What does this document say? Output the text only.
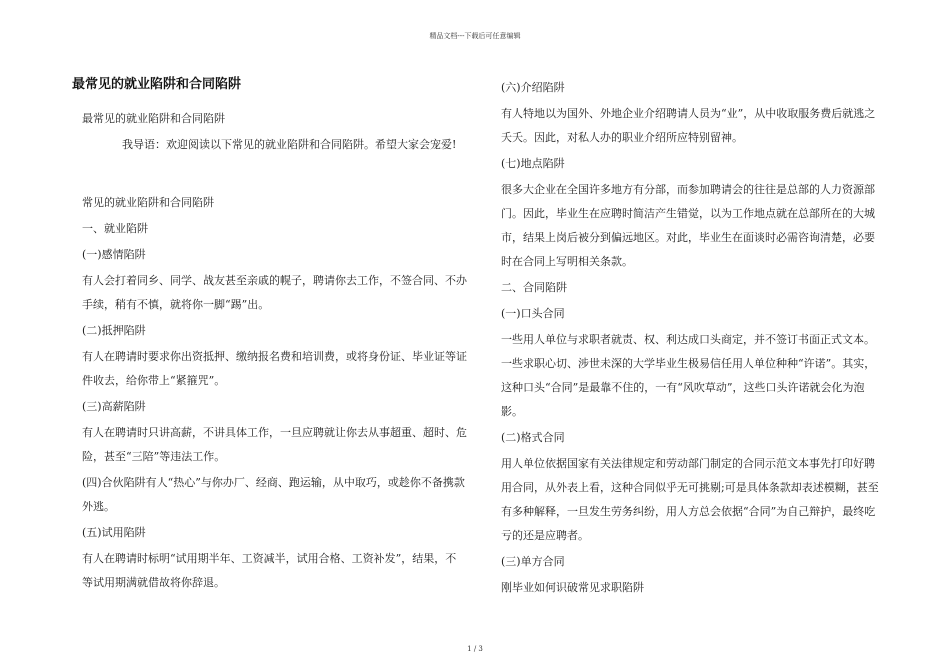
精品文档---下载后可任意编辑
最常见的就业陷阱和合同陷阱

最常见的就业陷阱和合同陷阱

我导语：欢迎阅读以下常见的就业陷阱和合同陷阱。希望大家会宠爱!

常见的就业陷阱和合同陷阱

一、就业陷阱

(一)感情陷阱

有人会打着同乡、同学、战友甚至亲戚的幌子，聘请你去工作，不签合同、不办手续，稍有不慎，就将你一脚“踢”出。

(二)抵押陷阱

有人在聘请时要求你出资抵押、缴纳报名费和培训费，或将身份证、毕业证等证件收去，给你带上“紧箍咒”。

(三)高薪陷阱

有人在聘请时只讲高薪，不讲具体工作，一旦应聘就让你去从事超重、超时、危险，甚至“三陪”等违法工作。

(四)合伙陷阱有人“热心”与你办厂、经商、跑运输，从中取巧，或趁你不备携款外逃。

(五)试用陷阱

有人在聘请时标明“试用期半年、工资减半，试用合格、工资补发”，结果，不等试用期满就借故将你辞退。

(六)介绍陷阱

有人特地以为国外、外地企业介绍聘请人员为“业”，从中收取服务费后就逃之夭夭。因此，对私人办的职业介绍所应特别留神。

(七)地点陷阱

很多大企业在全国许多地方有分部，而参加聘请会的往往是总部的人力资源部门。因此，毕业生在应聘时简洁产生错觉，以为工作地点就在总部所在的大城市，结果上岗后被分到偏远地区。对此，毕业生在面谈时必需咨询清楚，必要时在合同上写明相关条款。

二、合同陷阱

(一)口头合同

一些用人单位与求职者就责、权、利达成口头商定，并不签订书面正式文本。一些求职心切、涉世未深的大学毕业生极易信任用人单位种种“许诺”。其实，这种口头“合同”是最靠不住的，一有“风吹草动”，这些口头许诺就会化为泡影。

(二)格式合同

用人单位依据国家有关法律规定和劳动部门制定的合同示范文本事先打印好聘用合同，从外表上看，这种合同似乎无可挑剔;可是具体条款却表述模糊，甚至有多种解释，一旦发生劳务纠纷，用人方总会依据“合同”为自己辩护，最终吃亏的还是应聘者。

(三)单方合同

刚毕业如何识破常见求职陷阱

1 / 3
